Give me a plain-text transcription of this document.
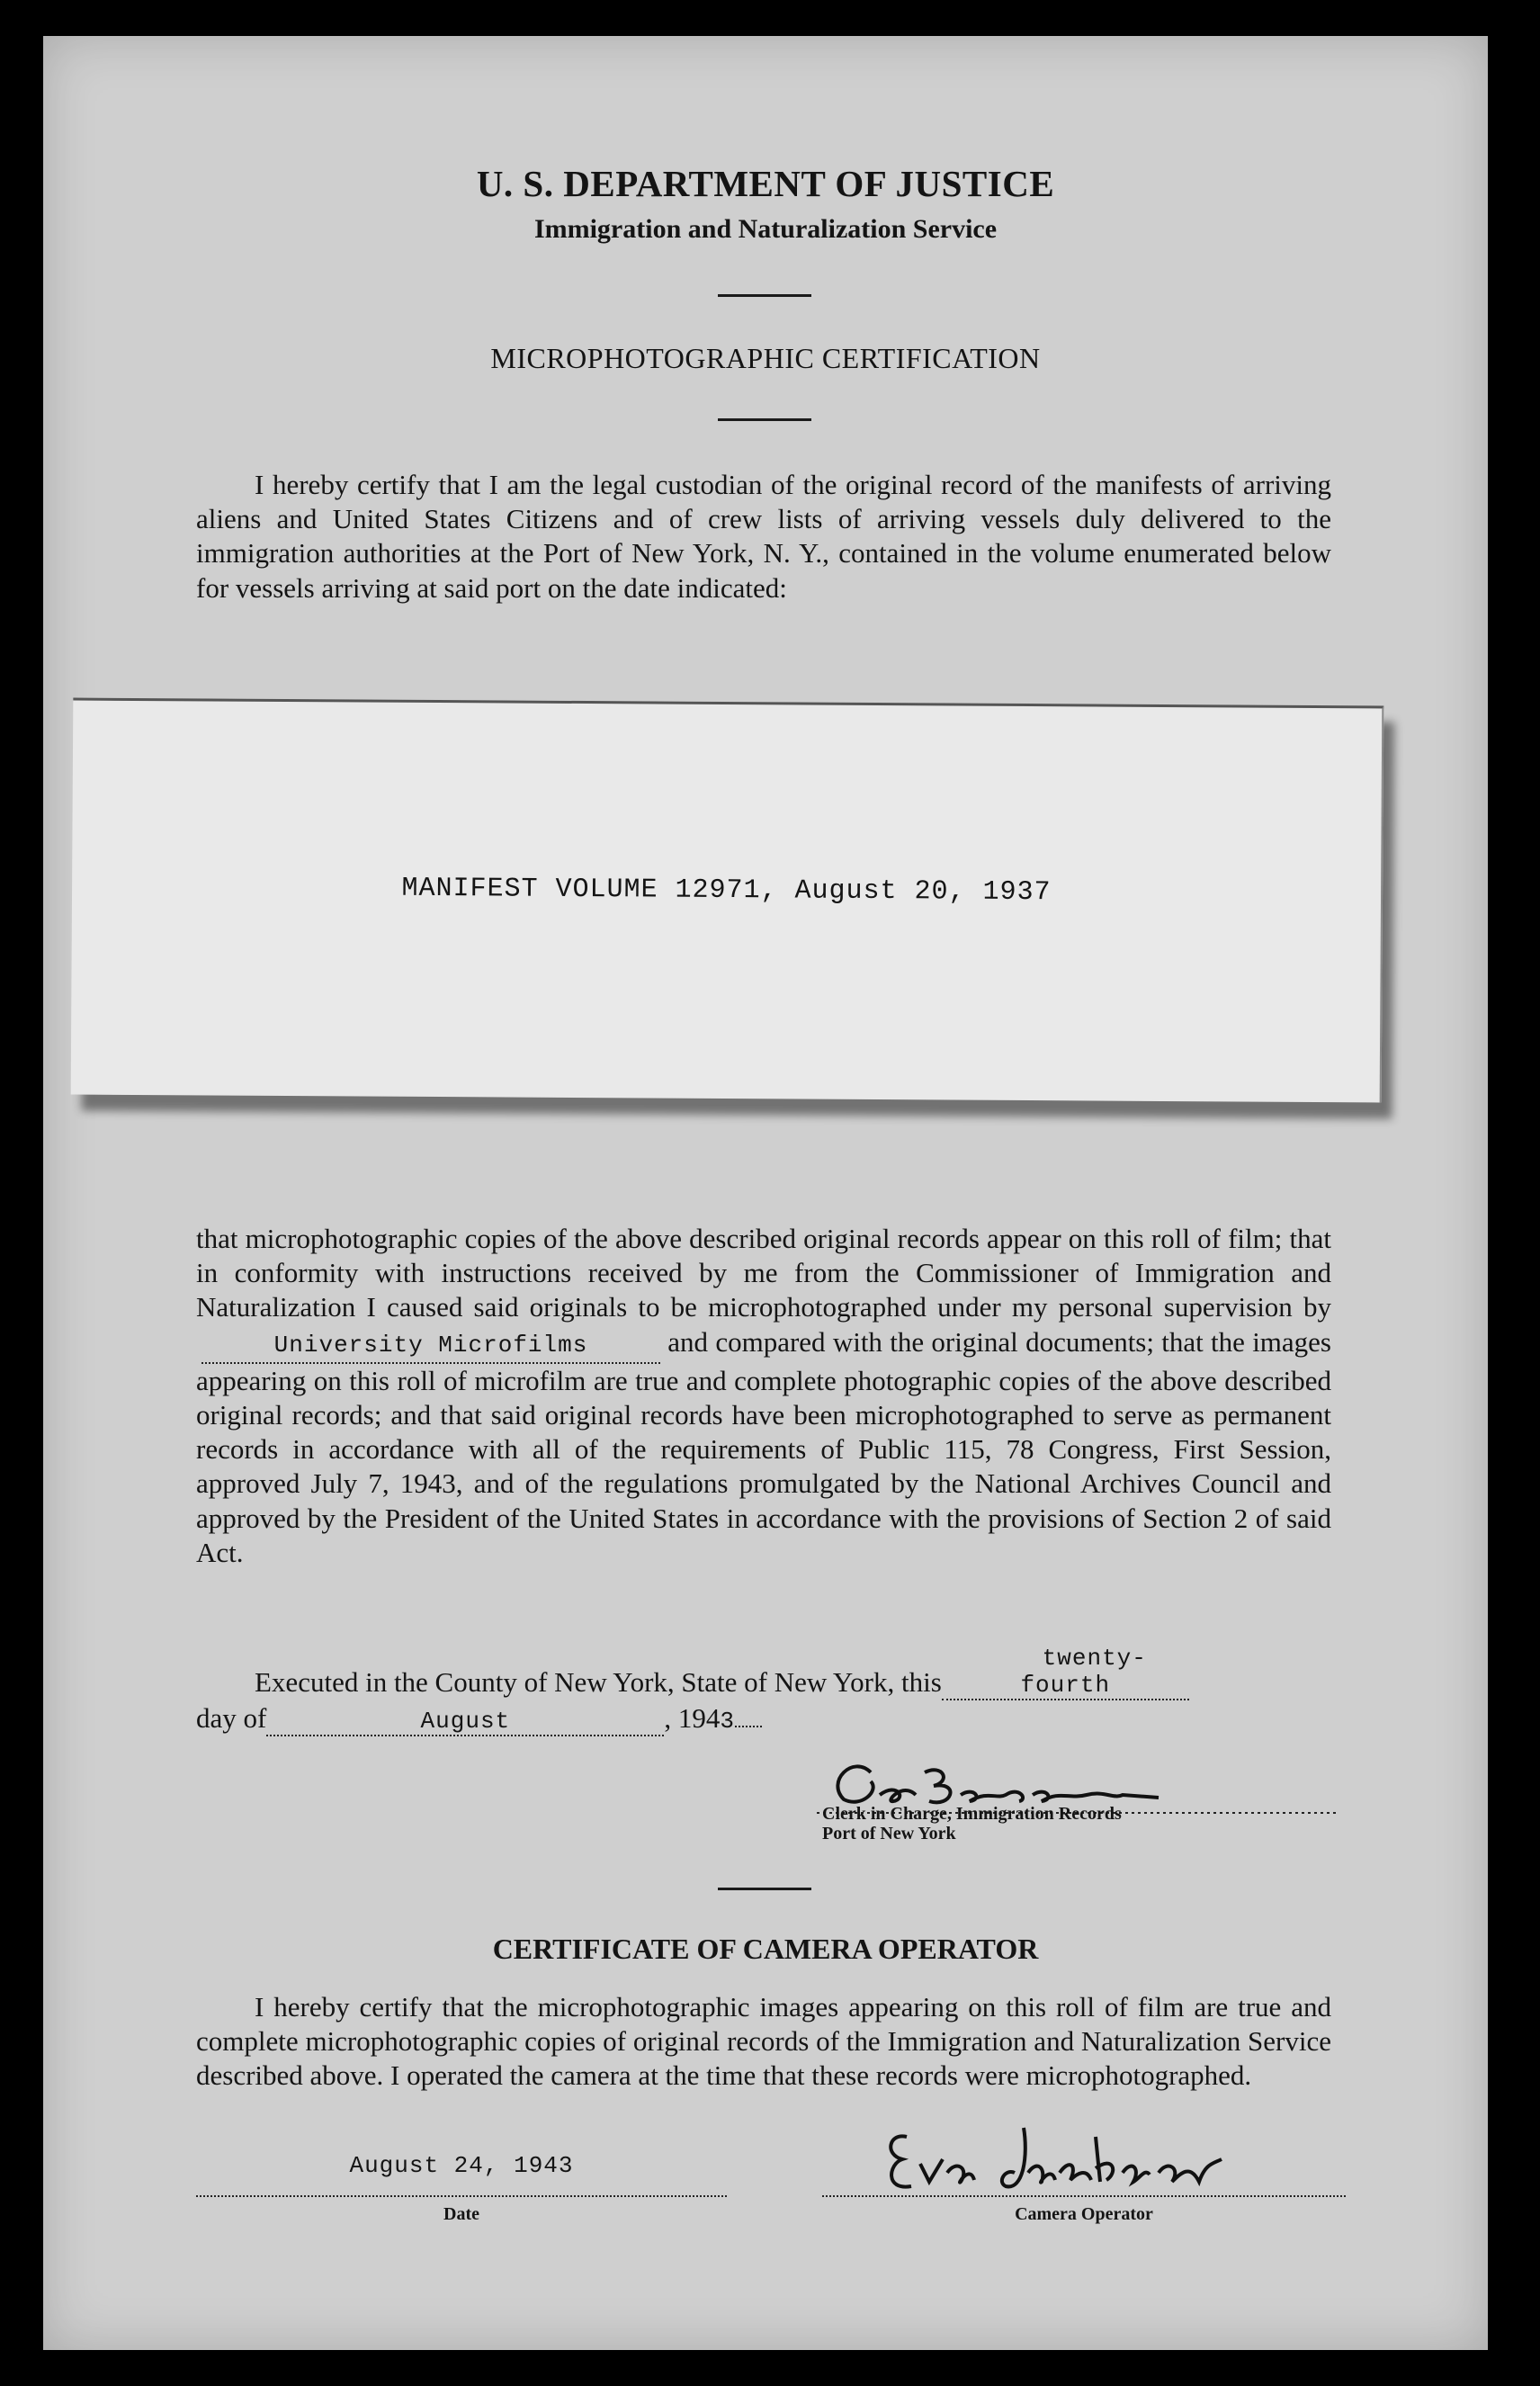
U. S. DEPARTMENT OF JUSTICE
Immigration and Naturalization Service
MICROPHOTOGRAPHIC CERTIFICATION
I hereby certify that I am the legal custodian of the original record of the manifests of arriving aliens and United States Citizens and of crew lists of arriving vessels duly delivered to the immigration authorities at the Port of New York, N. Y., contained in the volume enumerated below for vessels arriving at said port on the date indicated:
that microphotographic copies of the above described original records appear on this roll of film; that in conformity with instructions received by me from the Commissioner of Immigration and Naturalization I caused said originals to be microphotographed under my personal supervision byUniversity Microfilms	and compared with the original documents; that the images appearing on this roll of microfilm are true and complete photographic copies of the above described original records; and that said original records have been microphotographed to serve as permanent records in accordance with all of the requirements of Public 115, 78 Congress, First Session, approved July 7, 1943, and of the regulations promulgated by the National Archives Council and approved by the President of the United States in accordance with the provisions of Section 2 of said Act.
Executed in the County of New York, State of New York, thistwenty-fourth
day of	August	, 1943
Clerk in Charge, Immigration Records
Port of New York
CERTIFICATE OF CAMERA OPERATOR
I hereby certify that the microphotographic images appearing on this roll of film are true and complete microphotographic copies of original records of the Immigration and Naturalization Service described above. I operated the camera at the time that these records were microphotographed.
August 24, 1943
Date	Camera Operator
MANIFEST VOLUME 12971, August 20, 1937
